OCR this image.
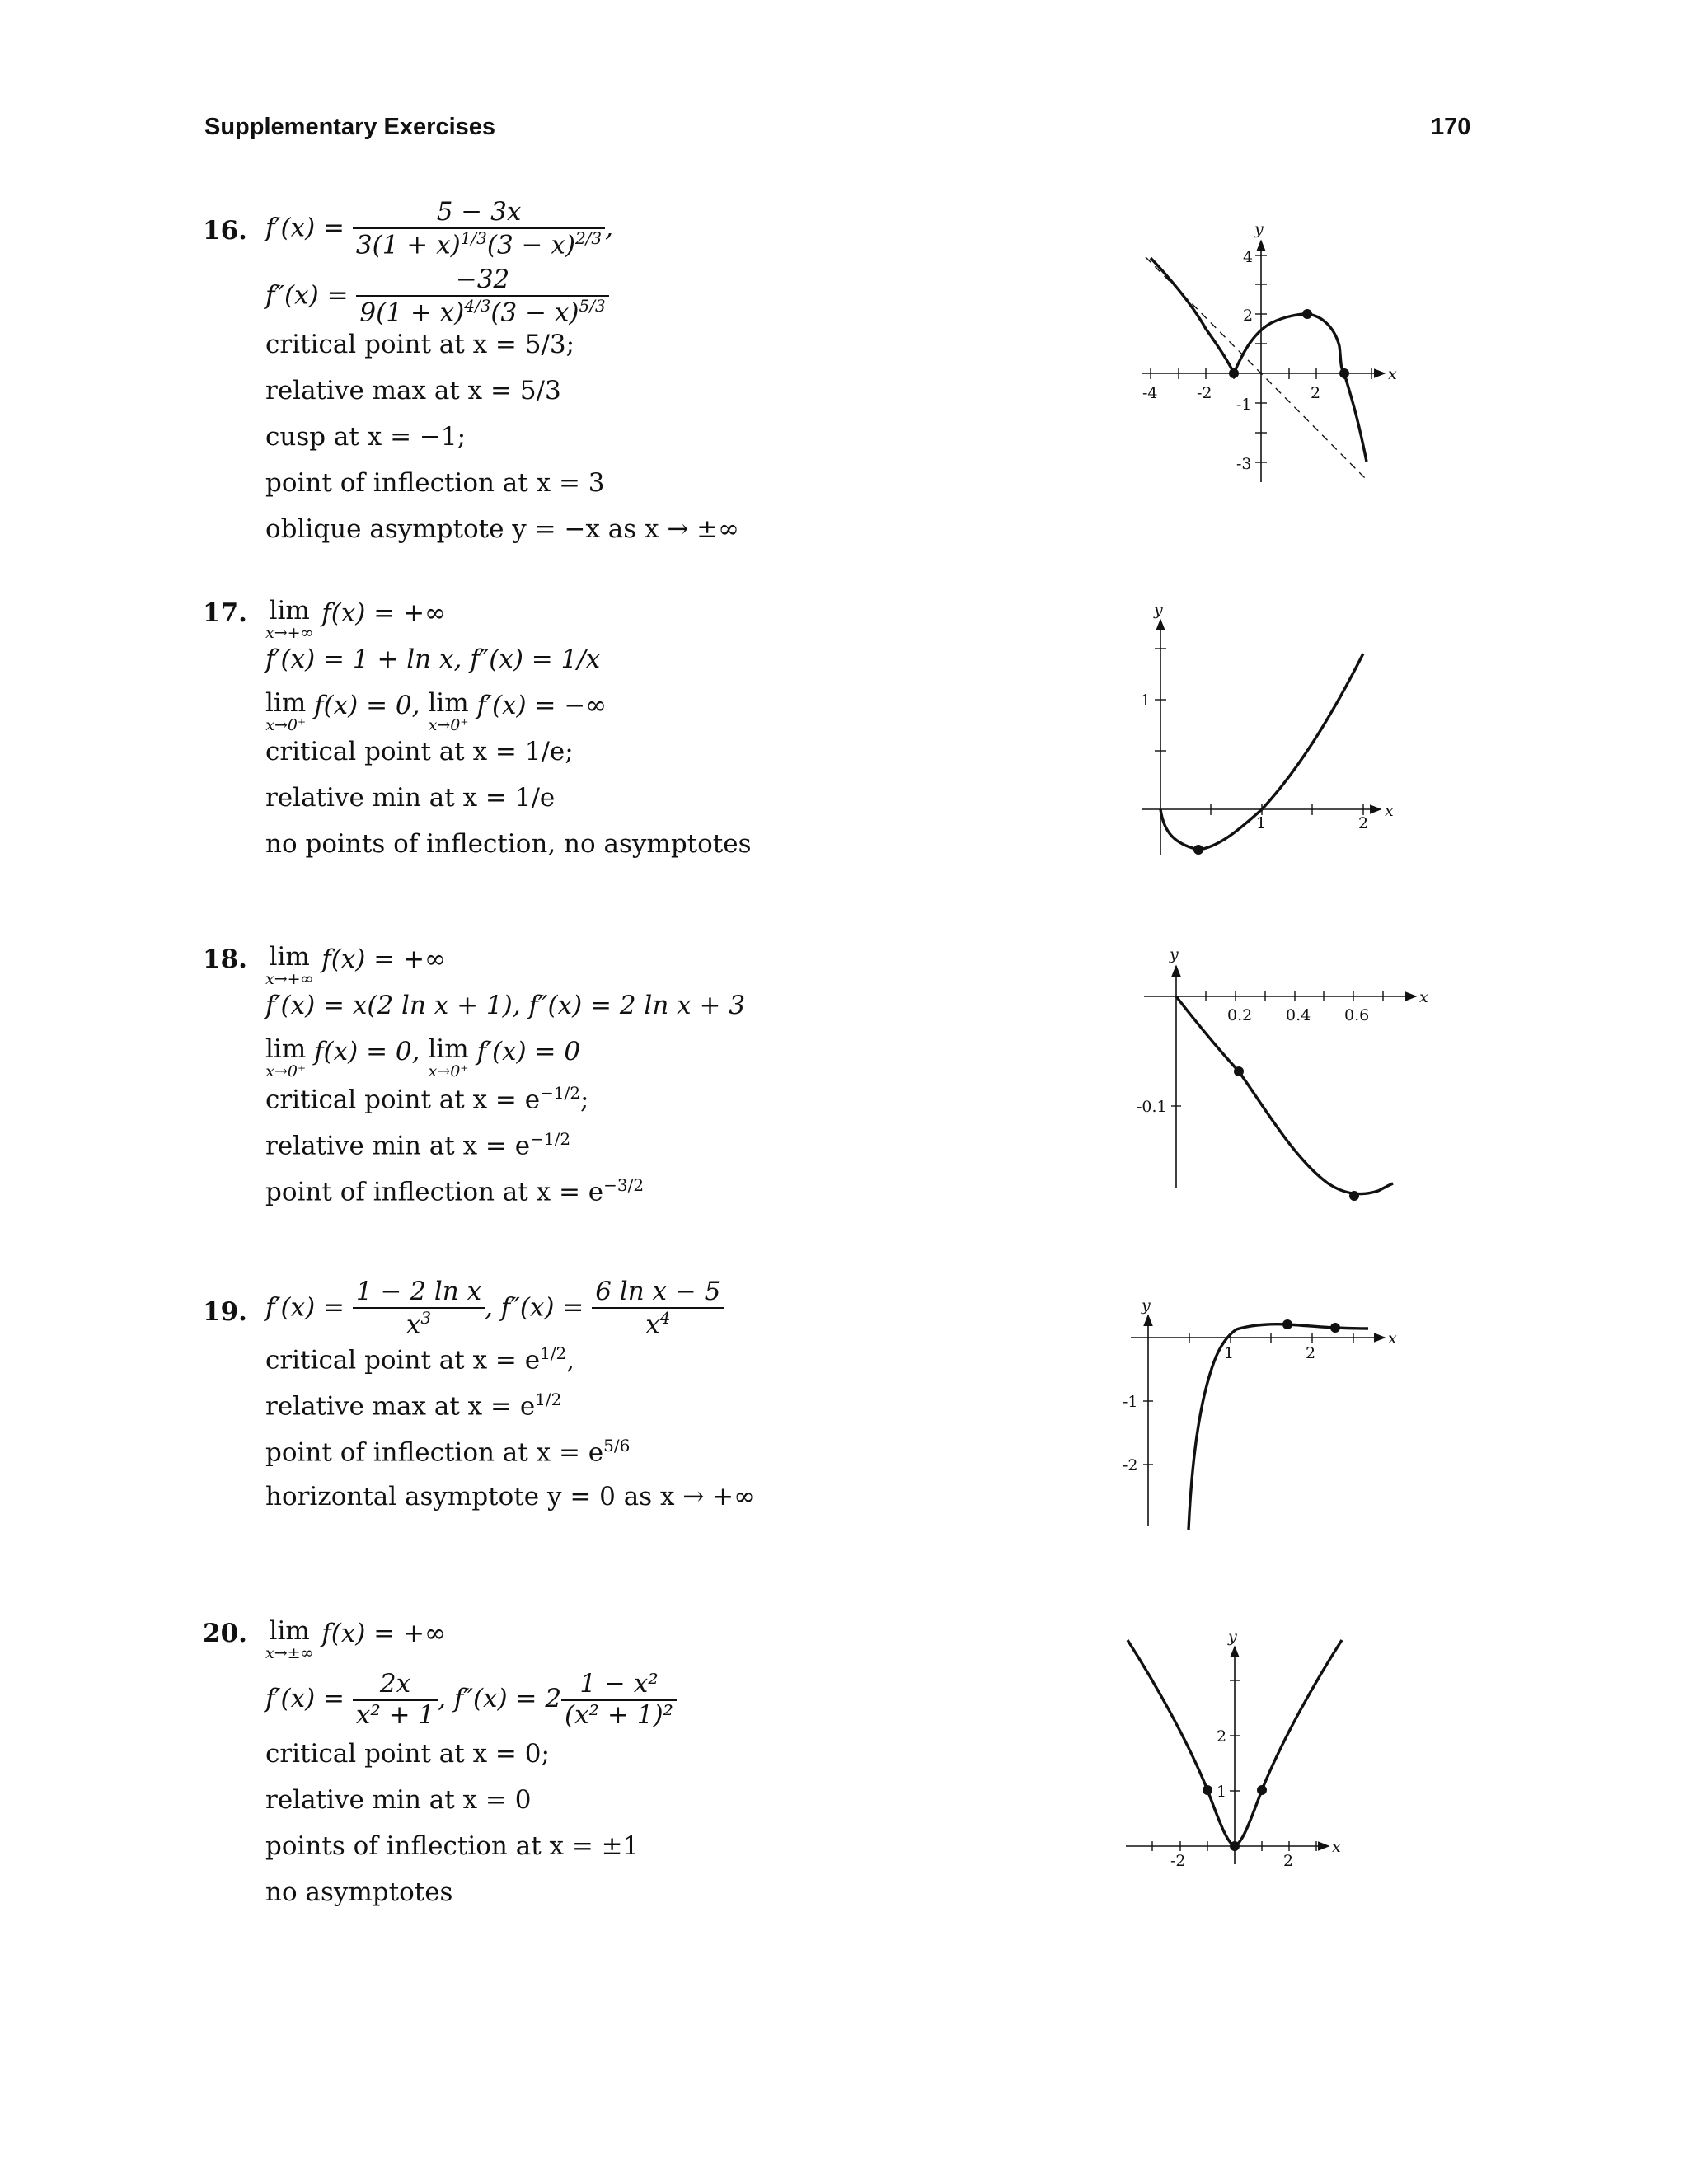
Supplementary Exercises	170
16. $f'(x) = \frac{5 - 3x}{3(1 + x)^{1/3}(3 - x)^{2/3}}$ ,
$f''(x) = \frac{-32}{9(1 + x)^{4/3}(3 - x)^{5/3}}$
critical point at x = 5/3;
relative max at x = 5/3
cusp at x = −1;
point of inflection at x = 3
oblique asymptote y = −x as x → ±∞
17. lim
x→+∞
f(x) = +∞
f′(x) = 1 + ln x, f″(x) = 1/x
lim
x→0⁺
f(x) = 0, lim
x→0⁺
f′(x) = −∞
critical point at x = 1/e;
relative min at x = 1/e
no points of inflection, no asymptotes
18. lim
x→+∞
f(x) = +∞
f′(x) = x(2 ln x + 1), f″(x) = 2 ln x + 3
lim
x→0⁺
f(x) = 0, lim
x→0⁺
f′(x) = 0
critical point at $x = e^{-1/2}$;
relative min at $x = e^{-1/2}$
point of inflection at $x = e^{-3/2}$
19. $f'(x) = \frac{\text{1 − 2 ln x}}{x^3}$ , $f''(x) = \frac{\text{6 ln x − 5}}{x^4}$
critical point at $x = e^{1/2}$,
relative max at $x = e^{1/2}$
point of inflection at $x = e^{5/6}$
horizontal asymptote y = 0 as x → +∞
20. lim
x→±∞
f(x) = +∞
$f'(x) = \frac{2x}{\text{x² + 1}}$ , $f''(x) = 2 \frac{\text{1 − x²}}{\text{(x² + 1)²}}$
critical point at x = 0;
relative min at x = 0
points of inflection at x = ±1
no asymptotes
y
x
-4 -2	2
4
2
-1
-3
y
x
1	2
1
y
x
0.2 0.4 0.6
-0.1
y
x
1	2
-1
-2
y
x
-2	2
2
1
